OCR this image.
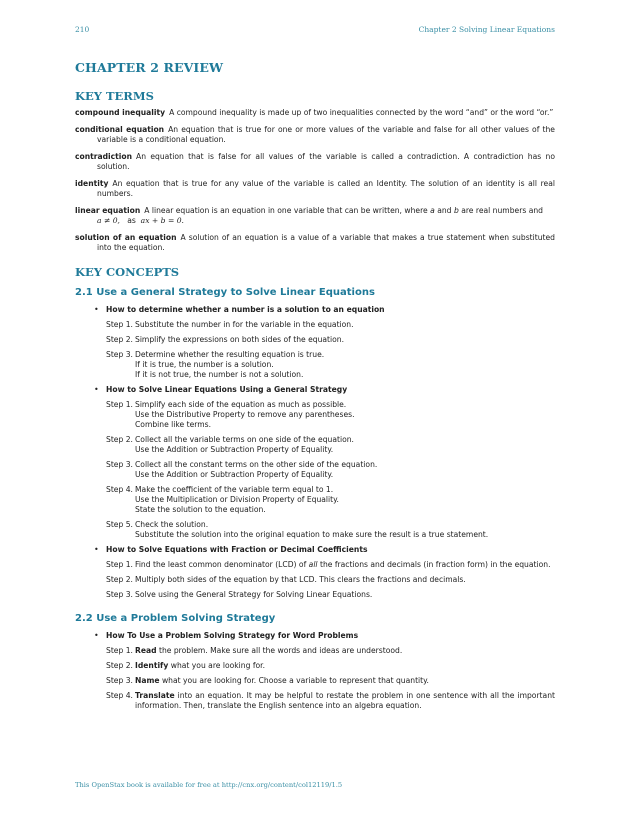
210	Chapter 2 Solving Linear Equations
CHAPTER 2 REVIEW
KEY TERMS
compound inequality A compound inequality is made up of two inequalities connected by the word “and” or the word “or.”
conditional equation An equation that is true for one or more values of the variable and false for all other values of the variable is a conditional equation.
contradiction An equation that is false for all values of the variable is called a contradiction. A contradiction has no solution.
identity An equation that is true for any value of the variable is called an Identity. The solution of an identity is all real numbers.
linear equation A linear equation is an equation in one variable that can be written, where a and b are real numbers and
a ≠ 0, as ax + b = 0.
solution of an equation A solution of an equation is a value of a variable that makes a true statement when substituted into the equation.
KEY CONCEPTS
2.1 Use a General Strategy to Solve Linear Equations
• How to determine whether a number is a solution to an equation
Step 1. Substitute the number in for the variable in the equation.
Step 2. Simplify the expressions on both sides of the equation.
Step 3. Determine whether the resulting equation is true.
If it is true, the number is a solution.
If it is not true, the number is not a solution.
• How to Solve Linear Equations Using a General Strategy
Step 1. Simplify each side of the equation as much as possible.
Use the Distributive Property to remove any parentheses.
Combine like terms.
Step 2. Collect all the variable terms on one side of the equation.
Use the Addition or Subtraction Property of Equality.
Step 3. Collect all the constant terms on the other side of the equation.
Use the Addition or Subtraction Property of Equality.
Step 4. Make the coefficient of the variable term equal to 1.
Use the Multiplication or Division Property of Equality.
State the solution to the equation.
Step 5. Check the solution.
Substitute the solution into the original equation to make sure the result is a true statement.
• How to Solve Equations with Fraction or Decimal Coefficients
Step 1. Find the least common denominator (LCD) of all the fractions and decimals (in fraction form) in the equation.
Step 2. Multiply both sides of the equation by that LCD. This clears the fractions and decimals.
Step 3. Solve using the General Strategy for Solving Linear Equations.
2.2 Use a Problem Solving Strategy
• How To Use a Problem Solving Strategy for Word Problems
Step 1. Read the problem. Make sure all the words and ideas are understood.
Step 2. Identify what you are looking for.
Step 3. Name what you are looking for. Choose a variable to represent that quantity.
Step 4. Translate into an equation. It may be helpful to restate the problem in one sentence with all the important information. Then, translate the English sentence into an algebra equation.
This OpenStax book is available for free at http://cnx.org/content/col12119/1.5
